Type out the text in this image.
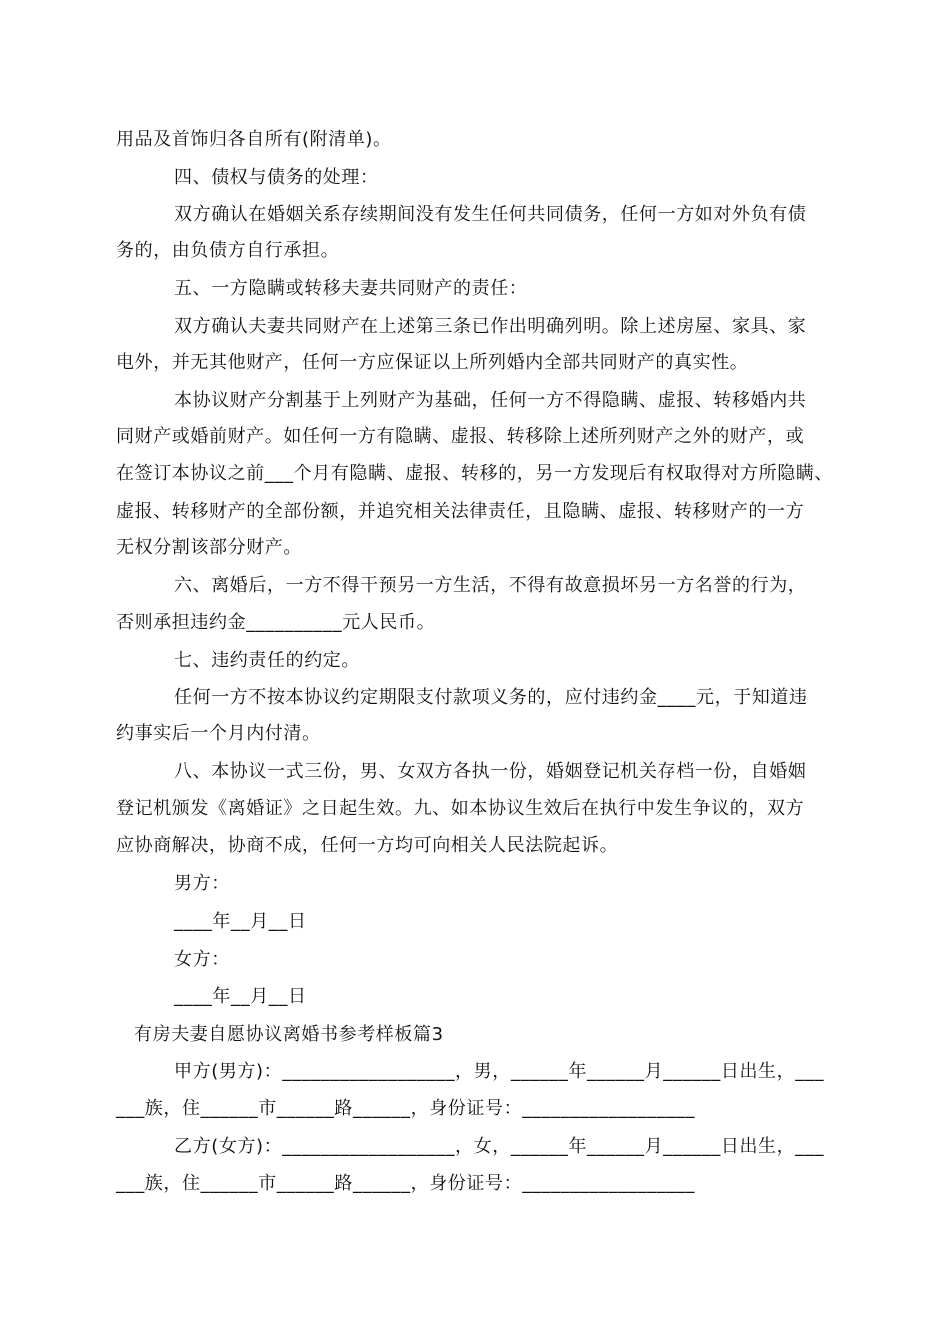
用品及首饰归各自所有(附清单)。
四、债权与债务的处理：
双方确认在婚姻关系存续期间没有发生任何共同债务，任何一方如对外负有债
务的，由负债方自行承担。
五、一方隐瞒或转移夫妻共同财产的责任：
双方确认夫妻共同财产在上述第三条已作出明确列明。除上述房屋、家具、家
电外，并无其他财产，任何一方应保证以上所列婚内全部共同财产的真实性。
本协议财产分割基于上列财产为基础，任何一方不得隐瞒、虚报、转移婚内共
同财产或婚前财产。如任何一方有隐瞒、虚报、转移除上述所列财产之外的财产，或
在签订本协议之前___个月有隐瞒、虚报、转移的，另一方发现后有权取得对方所隐瞒、
虚报、转移财产的全部份额，并追究相关法律责任，且隐瞒、虚报、转移财产的一方
无权分割该部分财产。
六、离婚后，一方不得干预另一方生活，不得有故意损坏另一方名誉的行为，
否则承担违约金__________元人民币。
七、违约责任的约定。
任何一方不按本协议约定期限支付款项义务的，应付违约金____元，于知道违
约事实后一个月内付清。
八、本协议一式三份，男、女双方各执一份，婚姻登记机关存档一份，自婚姻
登记机颁发《离婚证》之日起生效。九、如本协议生效后在执行中发生争议的，双方
应协商解决，协商不成，任何一方均可向相关人民法院起诉。
男方：
____年__月__日
女方：
____年__月__日
有房夫妻自愿协议离婚书参考样板篇3
甲方(男方)：__________________，男，______年______月______日出生，___
___族，住______市______路______，身份证号：__________________
乙方(女方)：__________________，女，______年______月______日出生，___
___族，住______市______路______，身份证号：__________________
